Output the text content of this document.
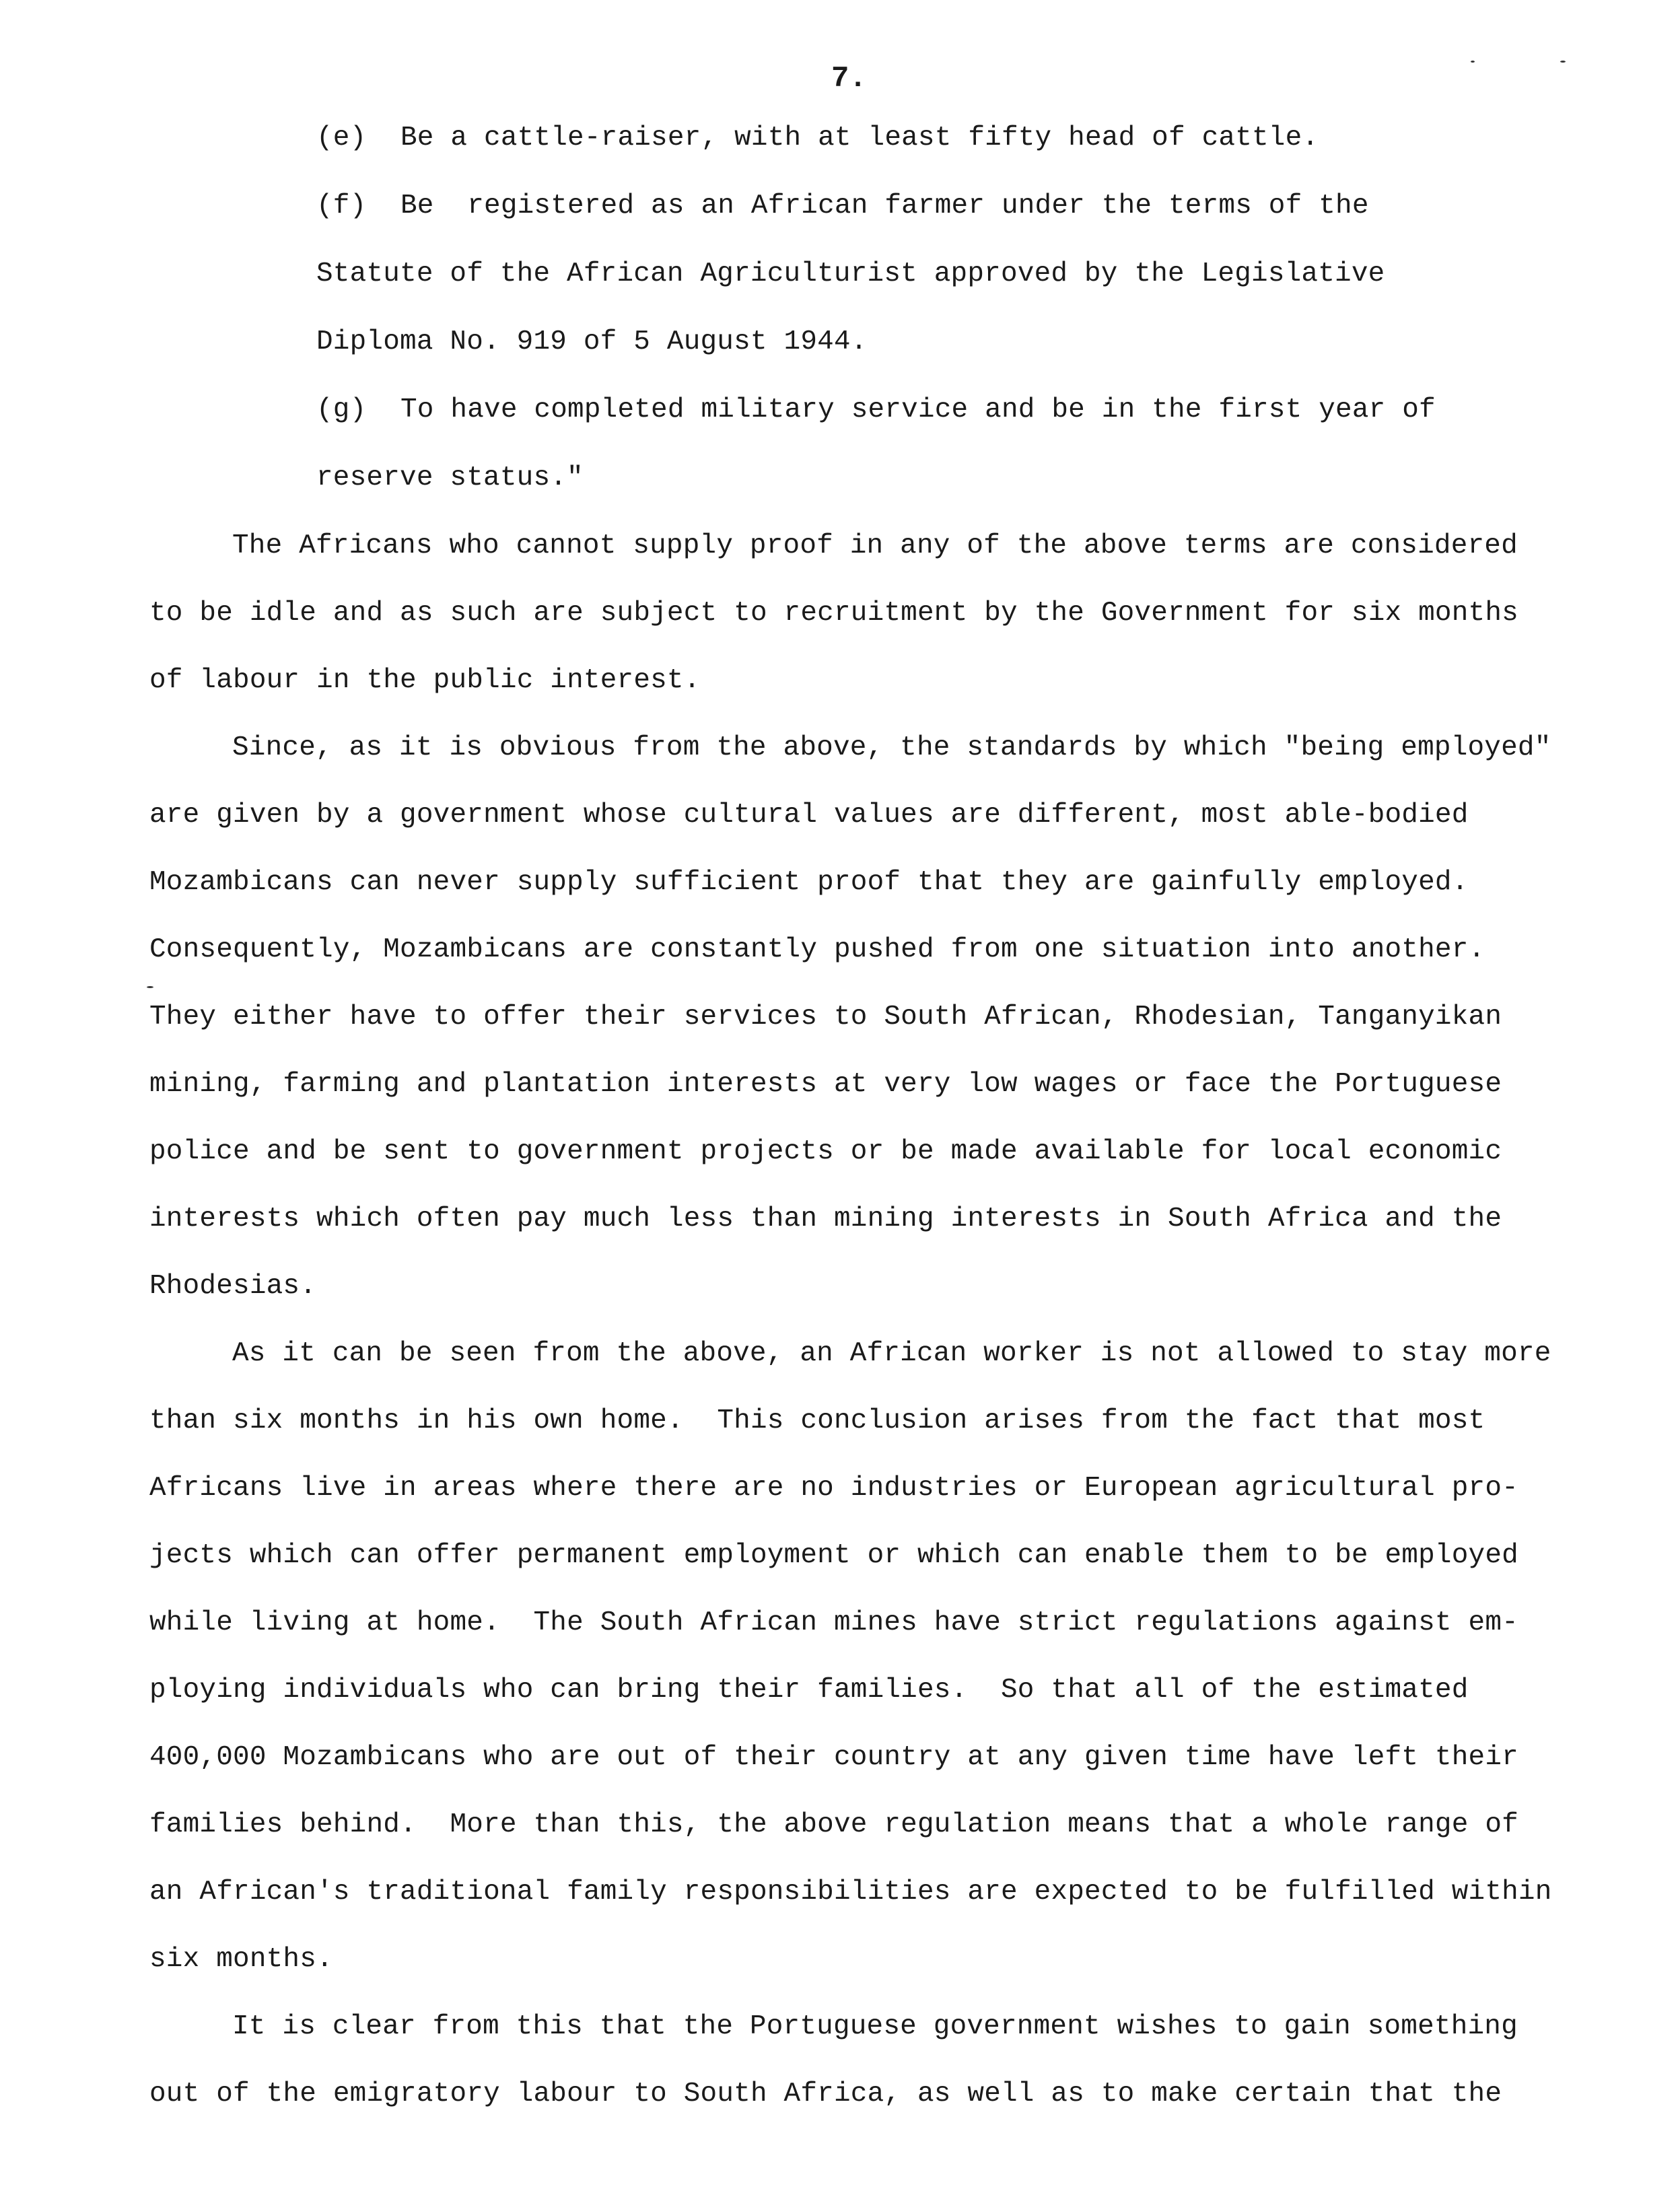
7.
(e) Be a cattle-raiser, with at least fifty head of cattle.
(f) Be  registered as an African farmer under the terms of the
Statute of the African Agriculturist approved by the Legislative
Diploma No. 919 of 5 August 1944.
(g) To have completed military service and be in the first year of
reserve status."
The Africans who cannot supply proof in any of the above terms are considered
to be idle and as such are subject to recruitment by the Government for six months
of labour in the public interest.
Since, as it is obvious from the above, the standards by which "being employed"
are given by a government whose cultural values are different, most able-bodied
Mozambicans can never supply sufficient proof that they are gainfully employed.
Consequently, Mozambicans are constantly pushed from one situation into another.
They either have to offer their services to South African, Rhodesian, Tanganyikan
mining, farming and plantation interests at very low wages or face the Portuguese
police and be sent to government projects or be made available for local economic
interests which often pay much less than mining interests in South Africa and the
Rhodesias.
As it can be seen from the above, an African worker is not allowed to stay more
than six months in his own home.  This conclusion arises from the fact that most
Africans live in areas where there are no industries or European agricultural pro-
jects which can offer permanent employment or which can enable them to be employed
while living at home.  The South African mines have strict regulations against em-
ploying individuals who can bring their families.  So that all of the estimated
400,000 Mozambicans who are out of their country at any given time have left their
families behind.  More than this, the above regulation means that a whole range of
an African's traditional family responsibilities are expected to be fulfilled within
six months.
It is clear from this that the Portuguese government wishes to gain something
out of the emigratory labour to South Africa, as well as to make certain that the
